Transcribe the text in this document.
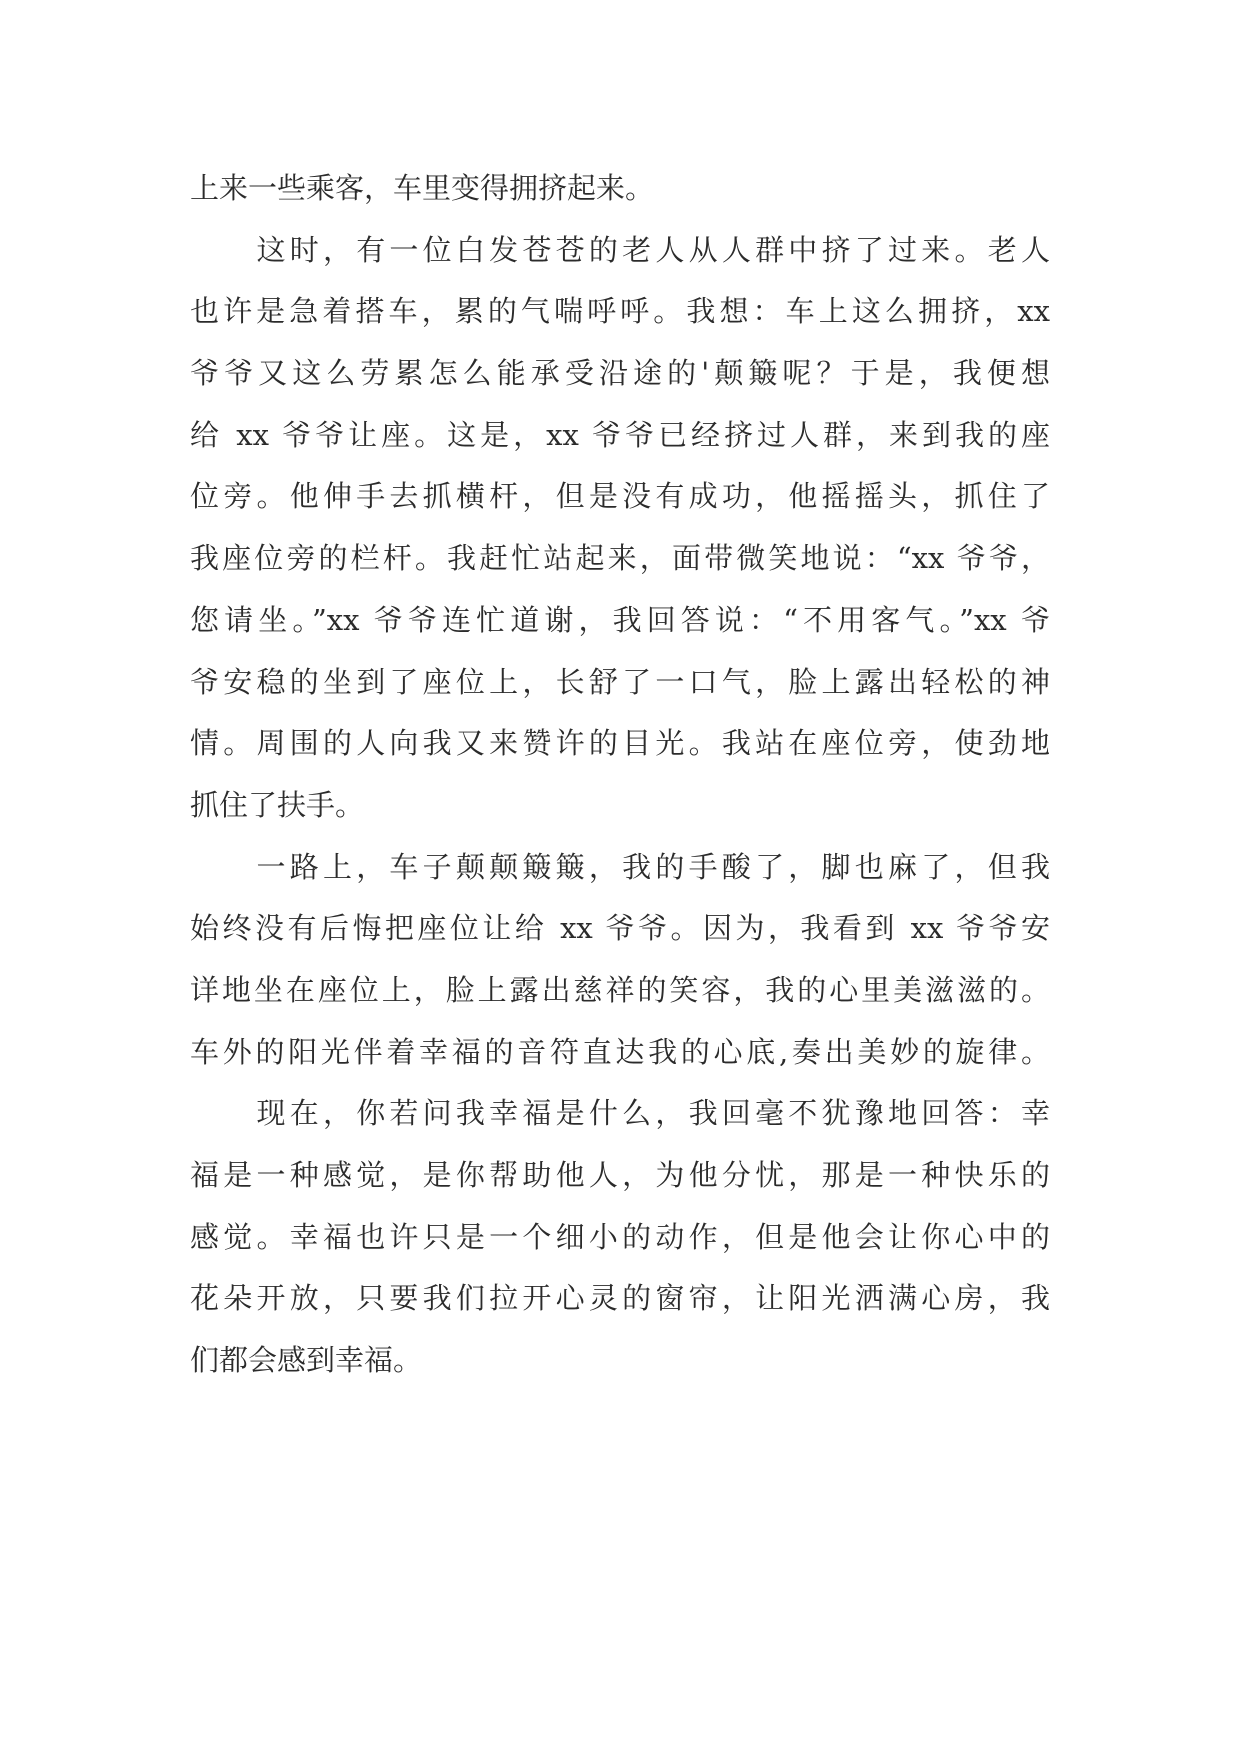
上来一些乘客，车里变得拥挤起来。
　　这时，有一位白发苍苍的老人从人群中挤了过来。老人
也许是急着搭车，累的气喘呼呼。我想：车上这么拥挤，xx
爷爷又这么劳累怎么能承受沿途的'颠簸呢？于是，我便想
给 xx 爷爷让座。这是，xx 爷爷已经挤过人群，来到我的座
位旁。他伸手去抓横杆，但是没有成功，他摇摇头，抓住了
我座位旁的栏杆。我赶忙站起来，面带微笑地说：“xx 爷爷，
您请坐。”xx 爷爷连忙道谢，我回答说：“不用客气。”xx 爷
爷安稳的坐到了座位上，长舒了一口气，脸上露出轻松的神
情。周围的人向我又来赞许的目光。我站在座位旁，使劲地
抓住了扶手。
　　一路上，车子颠颠簸簸，我的手酸了，脚也麻了，但我
始终没有后悔把座位让给 xx 爷爷。因为，我看到 xx 爷爷安
详地坐在座位上，脸上露出慈祥的笑容，我的心里美滋滋的。
车外的阳光伴着幸福的音符直达我的心底,奏出美妙的旋律。
　　现在，你若问我幸福是什么，我回毫不犹豫地回答：幸
福是一种感觉，是你帮助他人，为他分忧，那是一种快乐的
感觉。幸福也许只是一个细小的动作，但是他会让你心中的
花朵开放，只要我们拉开心灵的窗帘，让阳光洒满心房，我
们都会感到幸福。
